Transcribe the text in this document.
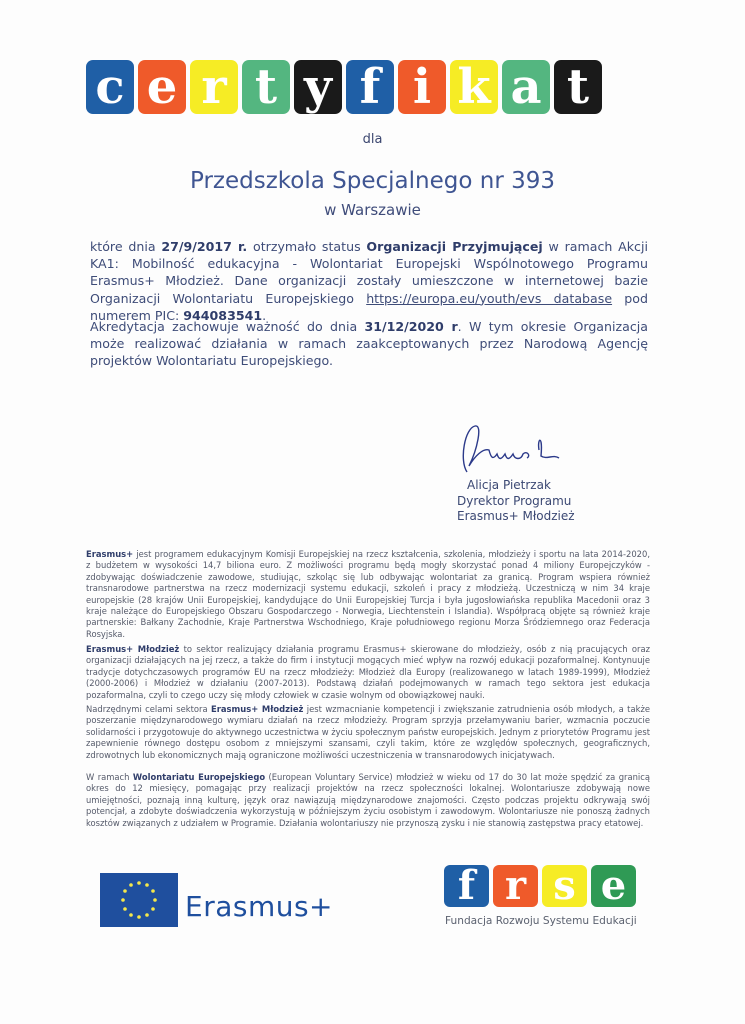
c e r t y f i k a t
dla
Przedszkola Specjalnego nr 393
w Warszawie
które dnia 27/9/2017 r. otrzymało status Organizacji Przyjmującej w ramach Akcji KA1: Mobilność edukacyjna - Wolontariat Europejski Wspólnotowego Programu Erasmus+ Młodzież. Dane organizacji zostały umieszczone w internetowej bazie Organizacji Wolontariatu Europejskiego https://europa.eu/youth/evs database pod numerem PIC: 944083541.
Akredytacja zachowuje ważność do dnia 31/12/2020 r. W tym okresie Organizacja może realizować działania w ramach zaakceptowanych przez Narodową Agencję projektów Wolontariatu Europejskiego.
Alicja Pietrzak
Dyrektor Programu
Erasmus+ Młodzież
Erasmus+ jest programem edukacyjnym Komisji Europejskiej na rzecz kształcenia, szkolenia, młodzieży i sportu na lata 2014-2020, z budżetem w wysokości 14,7 biliona euro. Z możliwości programu będą mogły skorzystać ponad 4 miliony Europejczyków - zdobywając doświadczenie zawodowe, studiując, szkoląc się lub odbywając wolontariat za granicą. Program wspiera również transnarodowe partnerstwa na rzecz modernizacji systemu edukacji, szkoleń i pracy z młodzieżą. Uczestniczą w nim 34 kraje europejskie (28 krajów Unii Europejskiej, kandydujące do Unii Europejskiej Turcja i była jugosłowiańska republika Macedonii oraz 3 kraje należące do Europejskiego Obszaru Gospodarczego - Norwegia, Liechtenstein i Islandia). Współpracą objęte są również kraje partnerskie: Bałkany Zachodnie, Kraje Partnerstwa Wschodniego, Kraje południowego regionu Morza Śródziemnego oraz Federacja Rosyjska.
Erasmus+ Młodzież to sektor realizujący działania programu Erasmus+ skierowane do młodzieży, osób z nią pracujących oraz organizacji działających na jej rzecz, a także do firm i instytucji mogących mieć wpływ na rozwój edukacji pozaformalnej. Kontynuuje tradycje dotychczasowych programów EU na rzecz młodzieży: Młodzież dla Europy (realizowanego w latach 1989-1999), Młodzież (2000-2006) i Młodzież w działaniu (2007-2013). Podstawą działań podejmowanych w ramach tego sektora jest edukacja pozaformalna, czyli to czego uczy się młody człowiek w czasie wolnym od obowiązkowej nauki.
Nadrzędnymi celami sektora Erasmus+ Młodzież jest wzmacnianie kompetencji i zwiększanie zatrudnienia osób młodych, a także poszerzanie międzynarodowego wymiaru działań na rzecz młodzieży. Program sprzyja przełamywaniu barier, wzmacnia poczucie solidarności i przygotowuje do aktywnego uczestnictwa w życiu społecznym państw europejskich. Jednym z priorytetów Programu jest zapewnienie równego dostępu osobom z mniejszymi szansami, czyli takim, które ze względów społecznych, geograficznych, zdrowotnych lub ekonomicznych mają ograniczone możliwości uczestniczenia w transnarodowych inicjatywach.
W ramach Wolontariatu Europejskiego (European Voluntary Service) młodzież w wieku od 17 do 30 lat może spędzić za granicą okres do 12 miesięcy, pomagając przy realizacji projektów na rzecz społeczności lokalnej. Wolontariusze zdobywają nowe umiejętności, poznają inną kulturę, język oraz nawiązują międzynarodowe znajomości. Często podczas projektu odkrywają swój potencjał, a zdobyte doświadczenia wykorzystują w późniejszym życiu osobistym i zawodowym. Wolontariusze nie ponoszą żadnych kosztów związanych z udziałem w Programie. Działania wolontariuszy nie przynoszą zysku i nie stanowią zastępstwa pracy etatowej.
Erasmus+	f r s e
Fundacja Rozwoju Systemu Edukacji
